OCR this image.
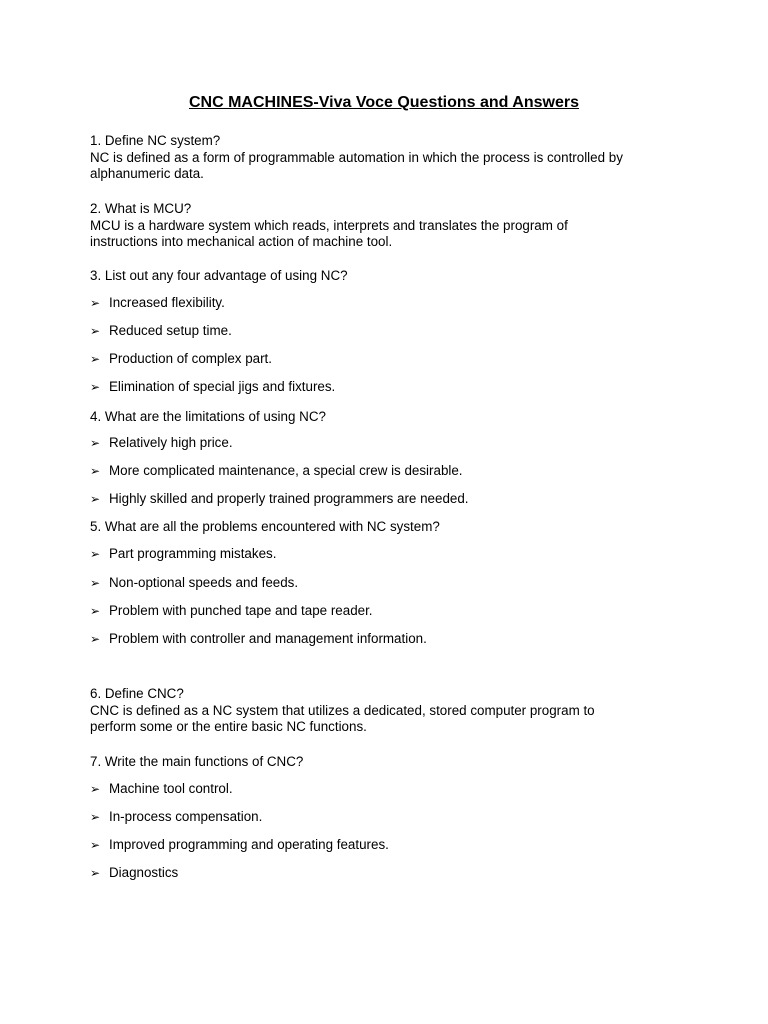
CNC MACHINES-Viva Voce Questions and Answers
1. Define NC system?
NC is defined as a form of programmable automation in which the process is controlled by
alphanumeric data.
2. What is MCU?
MCU is a hardware system which reads, interprets and translates the program of
instructions into mechanical action of machine tool.
3. List out any four advantage of using NC?
➢ Increased flexibility.
➢ Reduced setup time.
➢ Production of complex part.
➢ Elimination of special jigs and fixtures.
4. What are the limitations of using NC?
➢ Relatively high price.
➢ More complicated maintenance, a special crew is desirable.
➢ Highly skilled and properly trained programmers are needed.
5. What are all the problems encountered with NC system?
➢ Part programming mistakes.
➢ Non-optional speeds and feeds.
➢ Problem with punched tape and tape reader.
➢ Problem with controller and management information.
6. Define CNC?
CNC is defined as a NC system that utilizes a dedicated, stored computer program to
perform some or the entire basic NC functions.
7. Write the main functions of CNC?
➢ Machine tool control.
➢ In-process compensation.
➢ Improved programming and operating features.
➢ Diagnostics
